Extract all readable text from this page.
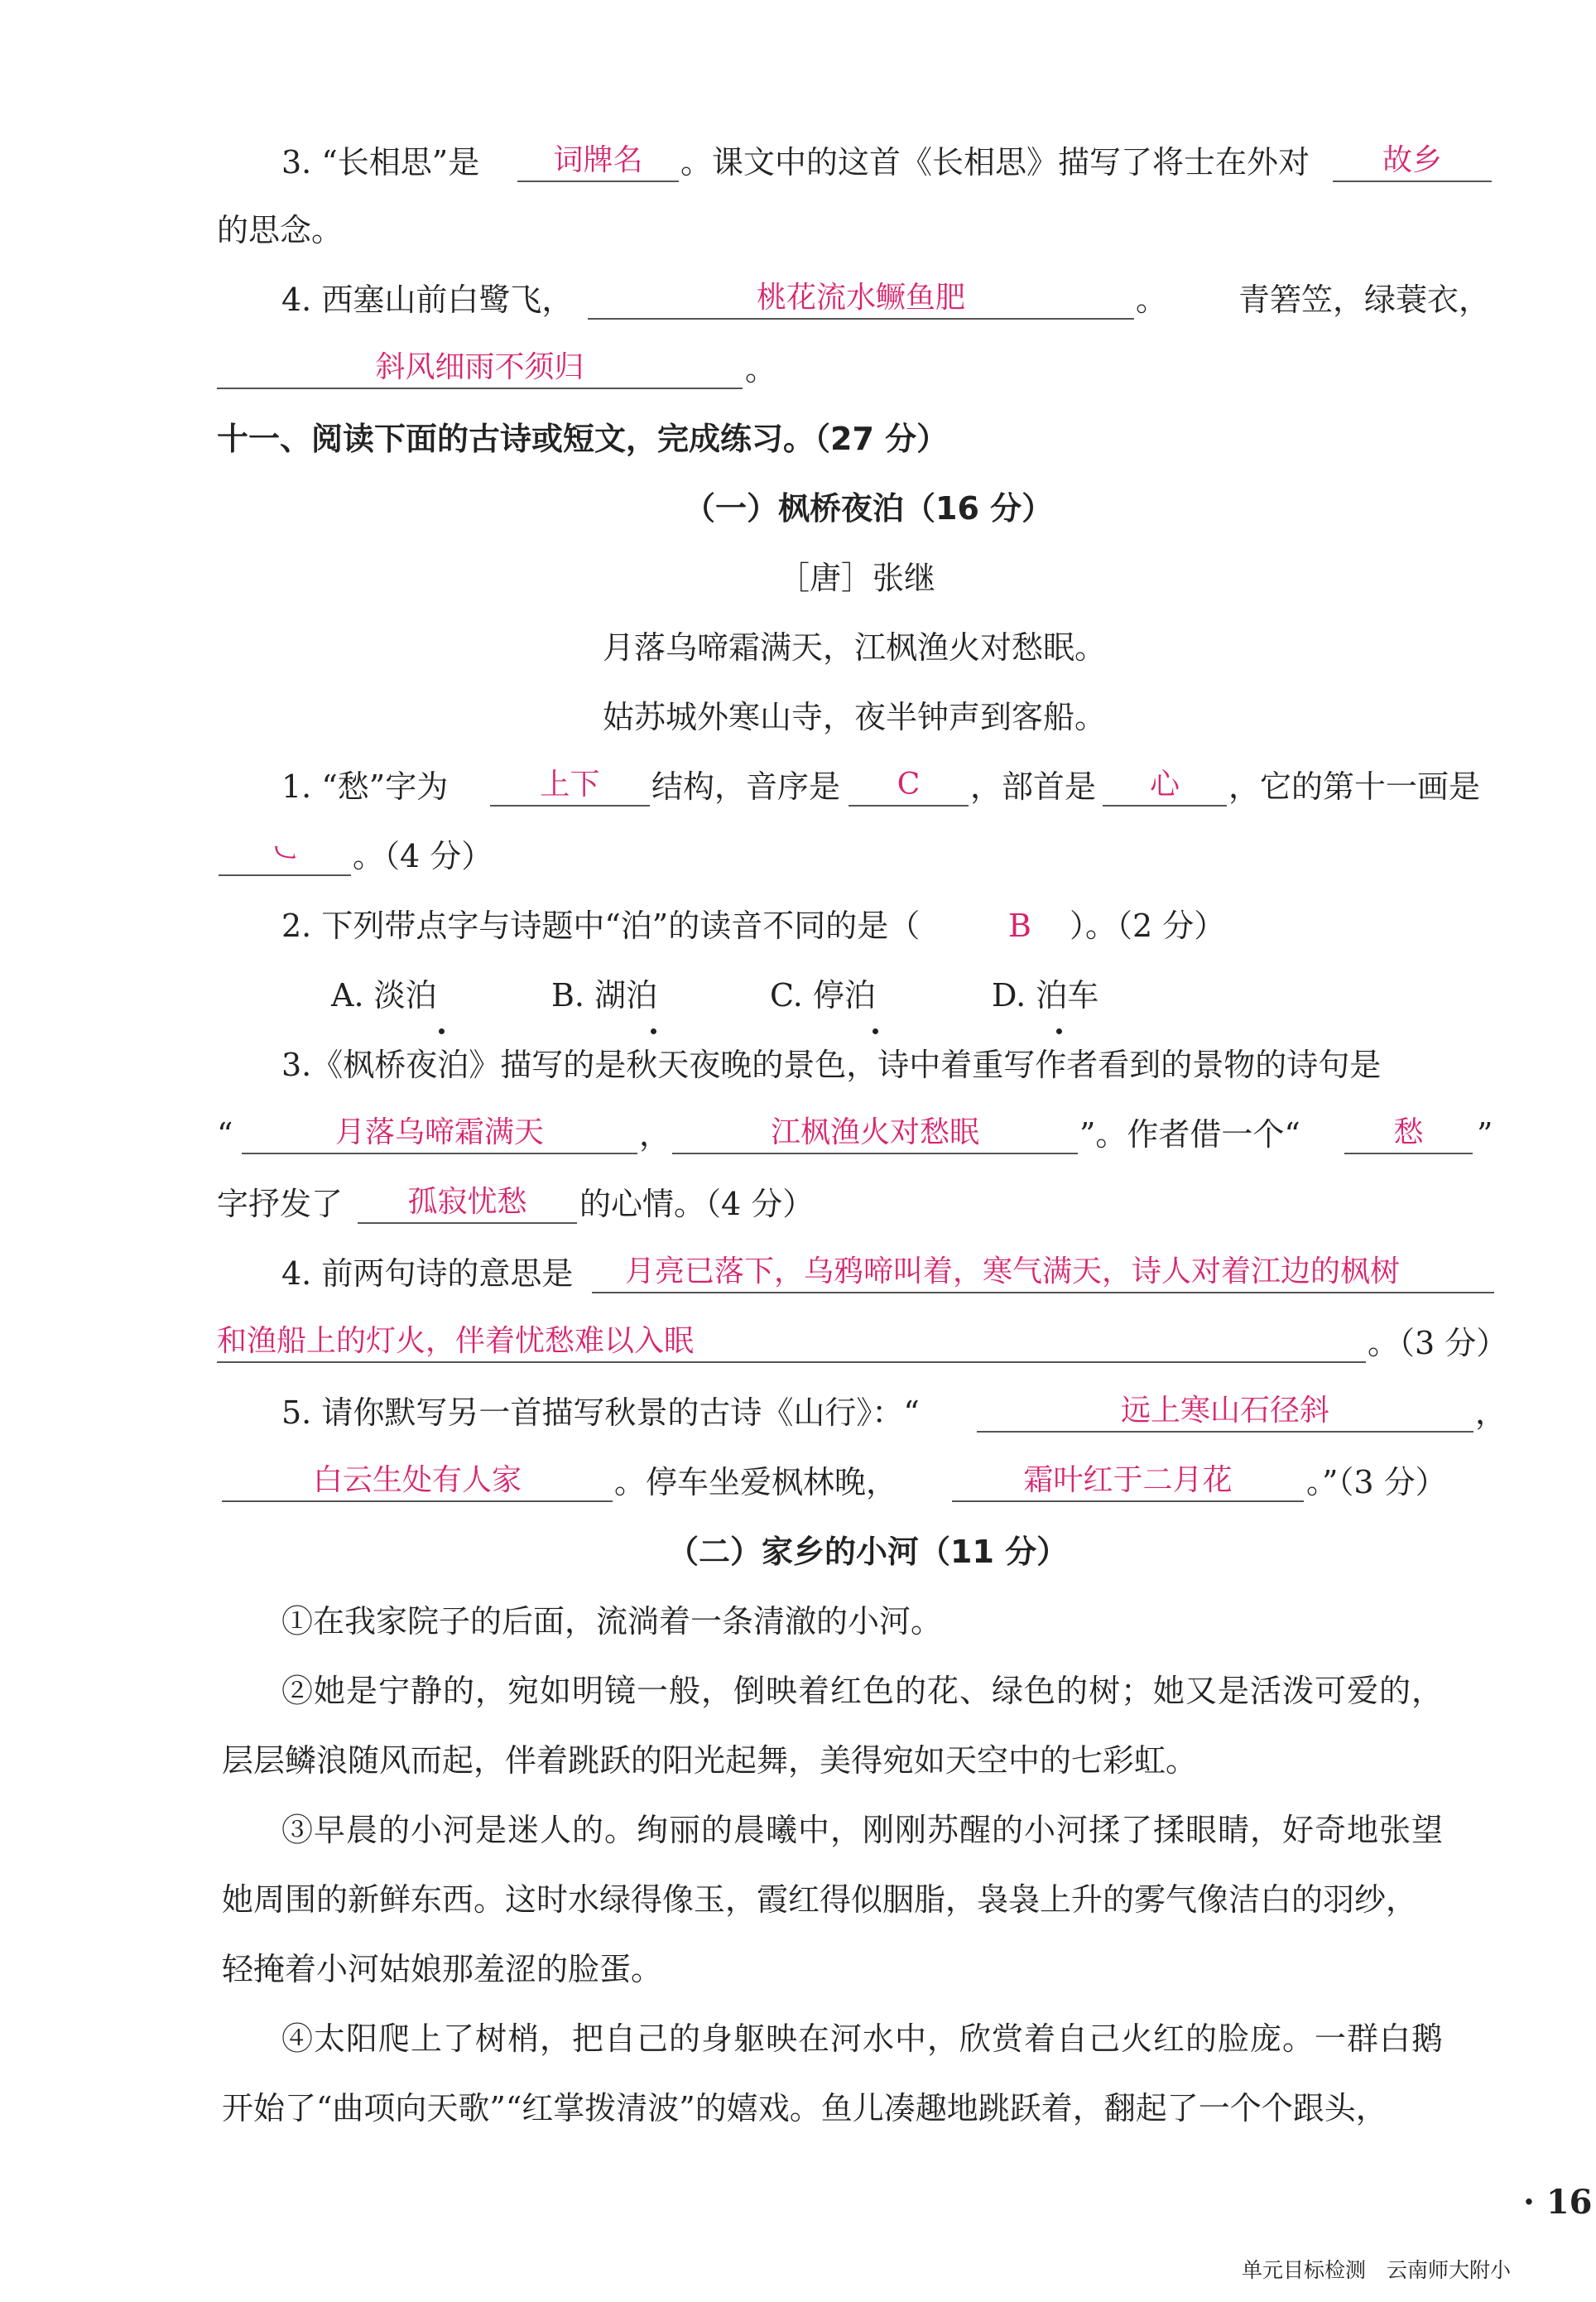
3. “长相思”是	词牌名	。课文中的这首《长相思》描写了将士在外对	故乡
的思念。
4. 西塞山前白鹭飞，	桃花流水鳜鱼肥	。 青箬笠，绿蓑衣，
斜风细雨不须归	。
十一、阅读下面的古诗或短文，完成练习。（27 分）
（一）枫桥夜泊（16 分）
［唐］张继
月落乌啼霜满天，江枫渔火对愁眠。
姑苏城外寒山寺，夜半钟声到客船。
1. “愁”字为	上下	结构，音序是	C	，部首是	心	，它的第十一画是
㇃	。（4 分）
2. 下列带点字与诗题中“泊”的读音不同的是（	B ）。（2 分）
A. 淡泊	B. 湖泊	C. 停泊	D. 泊车
3.《枫桥夜泊》描写的是秋天夜晚的景色，诗中着重写作者看到的景物的诗句是
“	月落乌啼霜满天	，	江枫渔火对愁眠	”。作者借一个“	愁	”
字抒发了	孤寂忧愁	的心情。（4 分）
4. 前两句诗的意思是	月亮已落下，乌鸦啼叫着，寒气满天，诗人对着江边的枫树
和渔船上的灯火，伴着忧愁难以入眠	。（3 分）
5. 请你默写另一首描写秋景的古诗《山行》：“	远上寒山石径斜	，
白云生处有人家	。停车坐爱枫林晚，	霜叶红于二月花	。”（3 分）
（二）家乡的小河（11 分）
①在我家院子的后面，流淌着一条清澈的小河。
②她是宁静的，宛如明镜一般，倒映着红色的花、绿色的树；她又是活泼可爱的，
层层鳞浪随风而起，伴着跳跃的阳光起舞，美得宛如天空中的七彩虹。
③早晨的小河是迷人的。绚丽的晨曦中，刚刚苏醒的小河揉了揉眼睛，好奇地张望
她周围的新鲜东西。这时水绿得像玉，霞红得似胭脂，袅袅上升的雾气像洁白的羽纱，
轻掩着小河姑娘那羞涩的脸蛋。
④太阳爬上了树梢，把自己的身躯映在河水中，欣赏着自己火红的脸庞。一群白鹅
开始了“曲项向天歌”“红掌拨清波”的嬉戏。鱼儿凑趣地跳跃着，翻起了一个个跟头，
· 16
单元目标检测　云南师大附小
